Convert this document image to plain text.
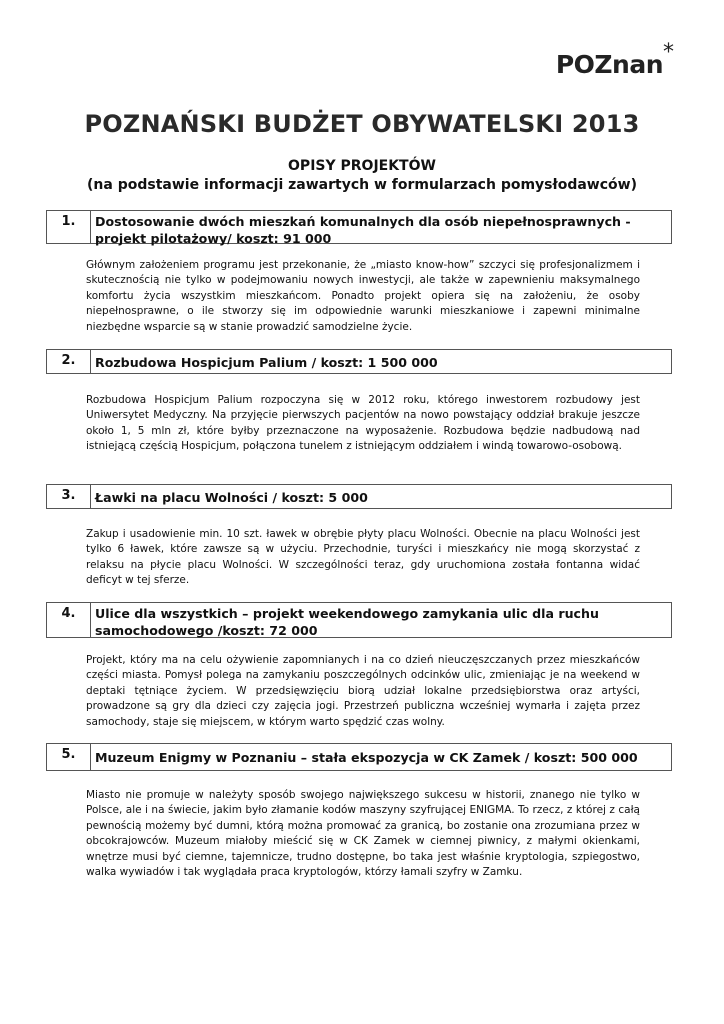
POZnan *
POZNAŃSKI BUDŻET OBYWATELSKI 2013
OPISY PROJEKTÓW
(na podstawie informacji zawartych w formularzach pomysłodawców)
1.	Dostosowanie dwóch mieszkań komunalnych dla osób niepełnosprawnych - projekt pilotażowy/ koszt: 91 000
Głównym założeniem programu jest przekonanie, że „miasto know-how” szczyci się profesjonalizmem i skutecznością nie tylko w podejmowaniu nowych inwestycji, ale także w zapewnieniu maksymalnego komfortu życia wszystkim mieszkańcom. Ponadto projekt opiera się na założeniu, że osoby niepełnosprawne, o ile stworzy się im odpowiednie warunki mieszkaniowe i zapewni minimalne niezbędne wsparcie są w stanie prowadzić samodzielne życie.
2.	Rozbudowa Hospicjum Palium / koszt: 1 500 000
Rozbudowa Hospicjum Palium rozpoczyna się w 2012 roku, którego inwestorem rozbudowy jest Uniwersytet Medyczny. Na przyjęcie pierwszych pacjentów na nowo powstający oddział brakuje jeszcze około 1, 5 mln zł, które byłby przeznaczone na wyposażenie. Rozbudowa będzie nadbudową nad istniejącą częścią Hospicjum, połączona tunelem z istniejącym oddziałem i windą towarowo-osobową.
3.	Ławki na placu Wolności / koszt: 5 000
Zakup i usadowienie min. 10 szt. ławek w obrębie płyty placu Wolności. Obecnie na placu Wolności jest tylko 6 ławek, które zawsze są w użyciu. Przechodnie, turyści i mieszkańcy nie mogą skorzystać z relaksu na płycie placu Wolności. W szczególności teraz, gdy uruchomiona została fontanna widać deficyt w tej sferze.
4.	Ulice dla wszystkich – projekt weekendowego zamykania ulic dla ruchu samochodowego /koszt: 72 000
Projekt, który ma na celu ożywienie zapomnianych i na co dzień nieuczęszczanych przez mieszkańców części miasta. Pomysł polega na zamykaniu poszczególnych odcinków ulic, zmieniając je na weekend w deptaki tętniące życiem. W przedsięwzięciu biorą udział lokalne przedsiębiorstwa oraz artyści, prowadzone są gry dla dzieci czy zajęcia jogi. Przestrzeń publiczna wcześniej wymarła i zajęta przez samochody, staje się miejscem, w którym warto spędzić czas wolny.
5.	Muzeum Enigmy w Poznaniu – stała ekspozycja w CK Zamek / koszt: 500 000
Miasto nie promuje w należyty sposób swojego największego sukcesu w historii, znanego nie tylko w Polsce, ale i na świecie, jakim było złamanie kodów maszyny szyfrującej ENIGMA. To rzecz, z której z całą pewnością możemy być dumni, którą można promować za granicą, bo zostanie ona zrozumiana przez w obcokrajowców. Muzeum miałoby mieścić się w CK Zamek w ciemnej piwnicy, z małymi okienkami, wnętrze musi być ciemne, tajemnicze, trudno dostępne, bo taka jest właśnie kryptologia, szpiegostwo, walka wywiadów i tak wyglądała praca kryptologów, którzy łamali szyfry w Zamku.
